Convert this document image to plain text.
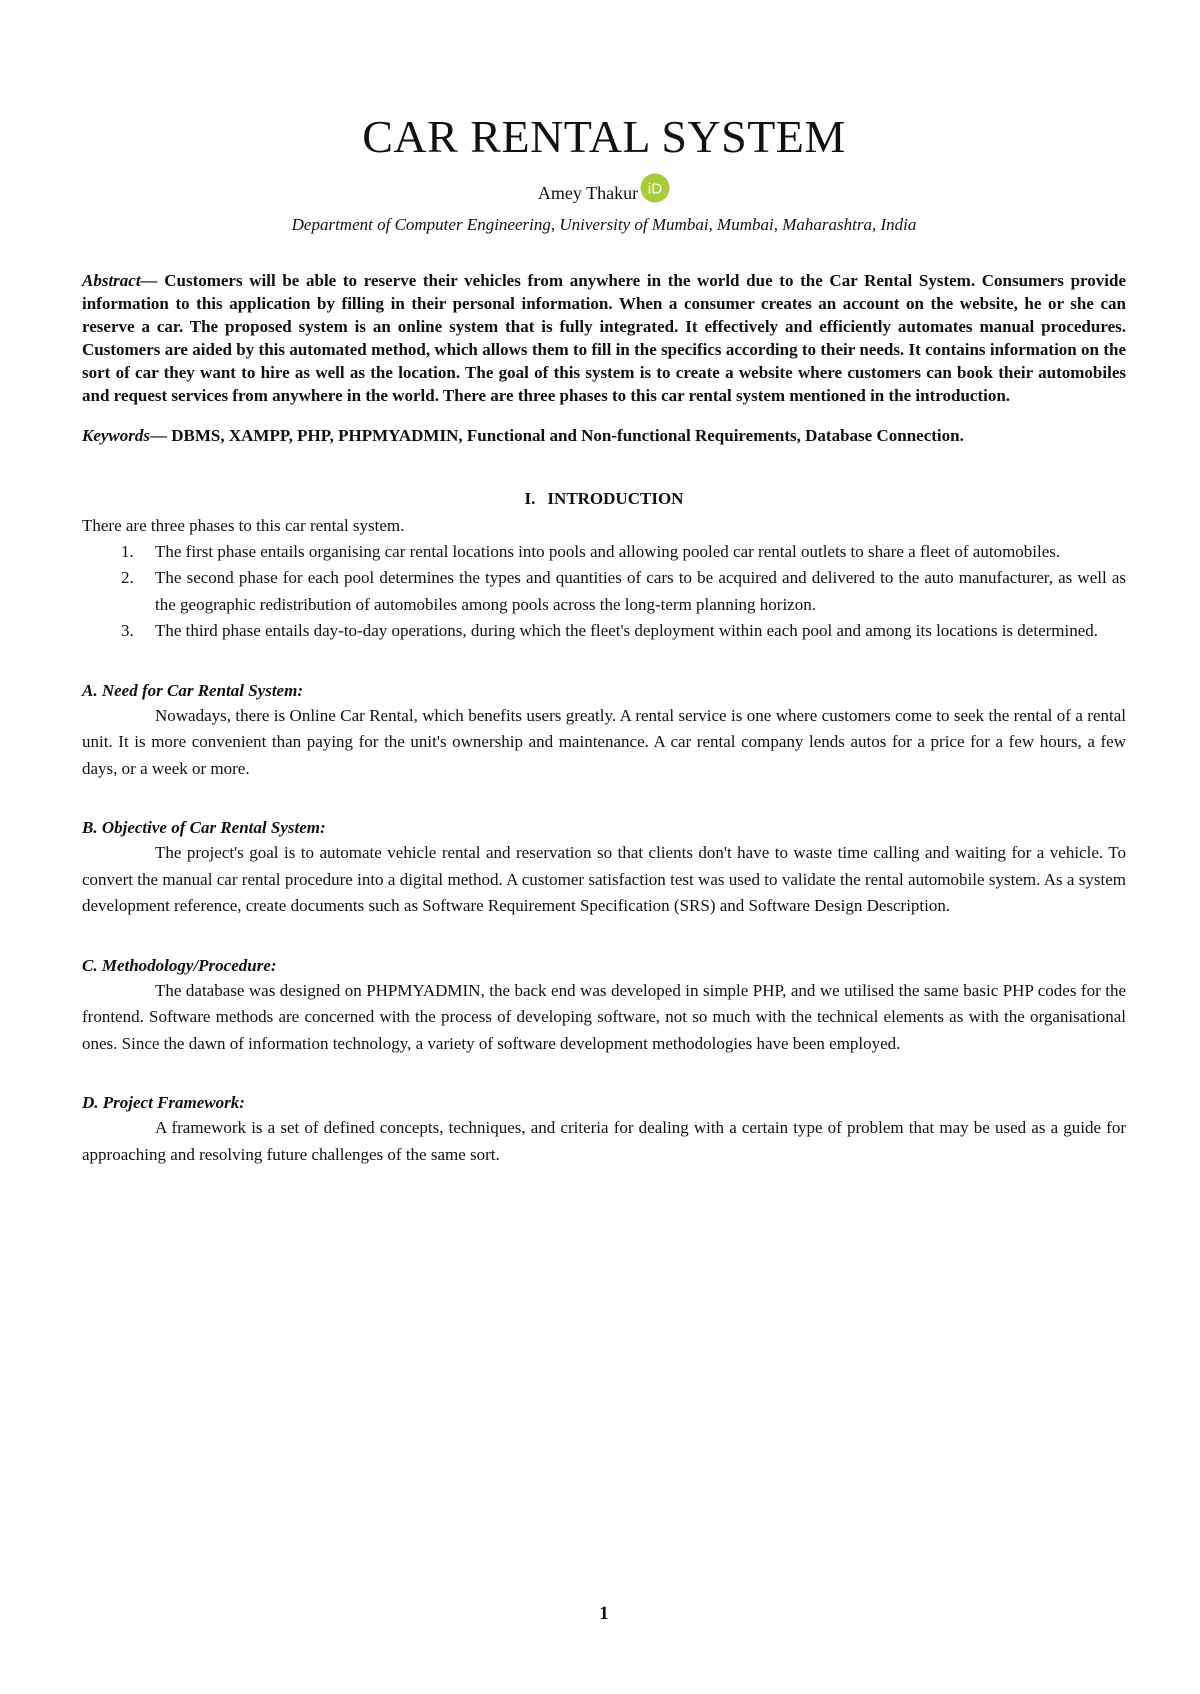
CAR RENTAL SYSTEM
Amey Thakur iD
Department of Computer Engineering, University of Mumbai, Mumbai, Maharashtra, India

Abstract— Customers will be able to reserve their vehicles from anywhere in the world due to the Car Rental System. Consumers provide information to this application by filling in their personal information. When a consumer creates an account on the website, he or she can reserve a car. The proposed system is an online system that is fully integrated. It effectively and efficiently automates manual procedures. Customers are aided by this automated method, which allows them to fill in the specifics according to their needs. It contains information on the sort of car they want to hire as well as the location. The goal of this system is to create a website where customers can book their automobiles and request services from anywhere in the world. There are three phases to this car rental system mentioned in the introduction.

Keywords— DBMS, XAMPP, PHP, PHPMYADMIN, Functional and Non-functional Requirements, Database Connection.

I. INTRODUCTION
There are three phases to this car rental system.
1. The first phase entails organising car rental locations into pools and allowing pooled car rental outlets to share a fleet of automobiles.
2. The second phase for each pool determines the types and quantities of cars to be acquired and delivered to the auto manufacturer, as well as the geographic redistribution of automobiles among pools across the long-term planning horizon.
3. The third phase entails day-to-day operations, during which the fleet's deployment within each pool and among its locations is determined.
A. Need for Car Rental System:

Nowadays, there is Online Car Rental, which benefits users greatly. A rental service is one where customers come to seek the rental of a rental unit. It is more convenient than paying for the unit's ownership and maintenance. A car rental company lends autos for a price for a few hours, a few days, or a week or more.

B. Objective of Car Rental System:

The project's goal is to automate vehicle rental and reservation so that clients don't have to waste time calling and waiting for a vehicle. To convert the manual car rental procedure into a digital method. A customer satisfaction test was used to validate the rental automobile system. As a system development reference, create documents such as Software Requirement Specification (SRS) and Software Design Description.

C. Methodology/Procedure:

The database was designed on PHPMYADMIN, the back end was developed in simple PHP, and we utilised the same basic PHP codes for the frontend. Software methods are concerned with the process of developing software, not so much with the technical elements as with the organisational ones. Since the dawn of information technology, a variety of software development methodologies have been employed.

D. Project Framework:

A framework is a set of defined concepts, techniques, and criteria for dealing with a certain type of problem that may be used as a guide for approaching and resolving future challenges of the same sort.

1
